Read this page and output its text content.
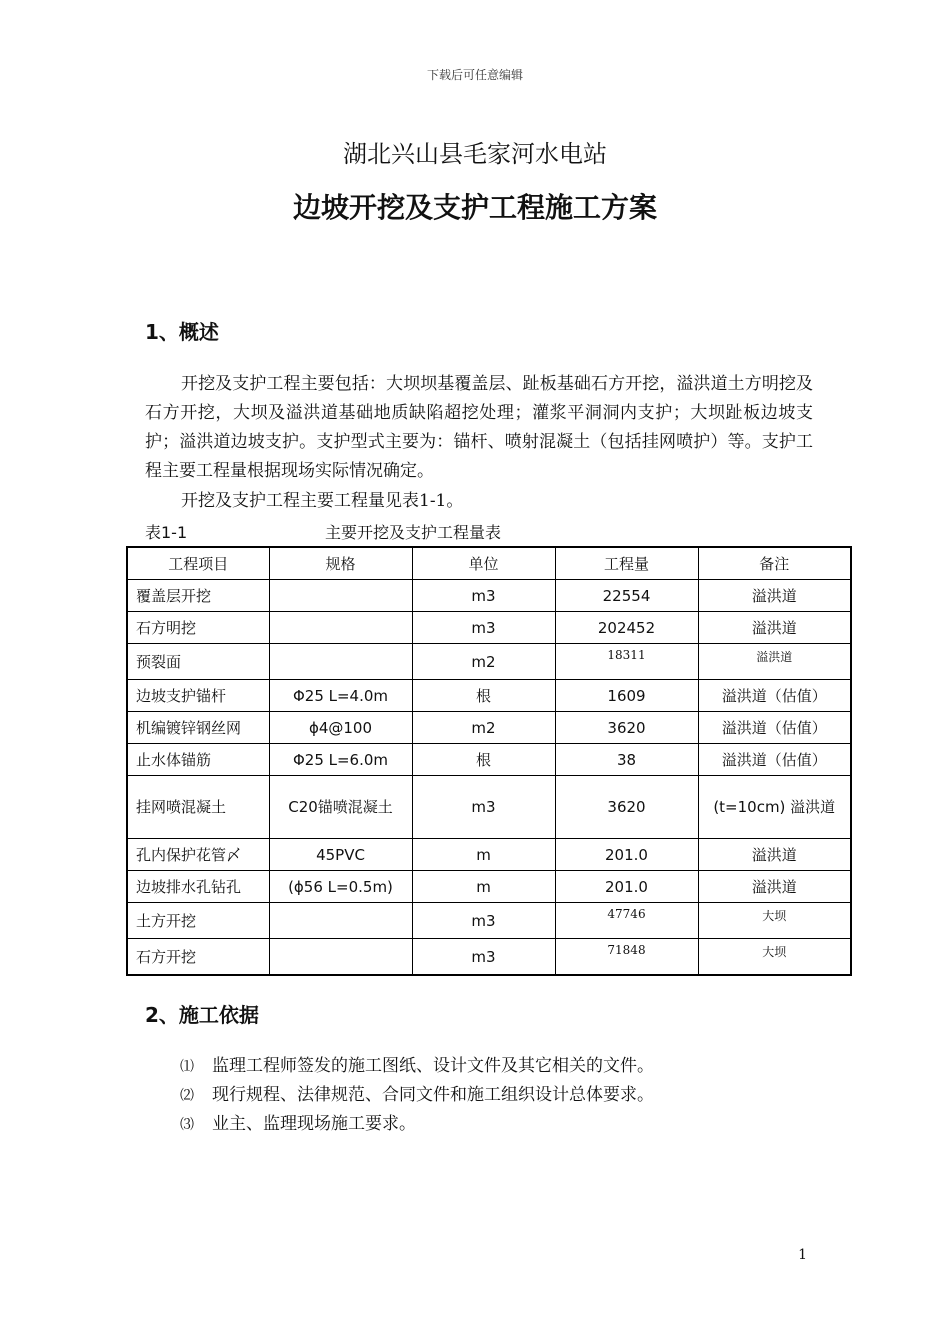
下载后可任意编辑
湖北兴山县毛家河水电站
边坡开挖及支护工程施工方案
1、概述
开挖及支护工程主要包括：大坝坝基覆盖层、趾板基础石方开挖，溢洪道土方明挖及石方开挖，大坝及溢洪道基础地质缺陷超挖处理；灌浆平洞洞内支护；大坝趾板边坡支护；溢洪道边坡支护。支护型式主要为：锚杆、喷射混凝土（包括挂网喷护）等。支护工程主要工程量根据现场实际情况确定。
开挖及支护工程主要工程量见表1-1。
表1-1	主要开挖及支护工程量表
工程项目	规格	单位	工程量	备注
覆盖层开挖		m3	22554	溢洪道
石方明挖		m3	202452	溢洪道
预裂面		m2	18311	溢洪道
边坡支护锚杆	Φ25 L=4.0m	根	1609	溢洪道（估值）
机编镀锌钢丝网	ϕ4@100	m2	3620	溢洪道（估值）
止水体锚筋	Φ25 L=6.0m	根	38	溢洪道（估值）
挂网喷混凝土	C20锚喷混凝土	m3	3620	(t=10cm) 溢洪道
孔内保护花管〆	45PVC	m	201.0	溢洪道
边坡排水孔钻孔	(ϕ56 L=0.5m)	m	201.0	溢洪道
土方开挖		m3	47746	大坝
石方开挖		m3	71848	大坝
2、施工依据
⑴ 监理工程师签发的施工图纸、设计文件及其它相关的文件。
⑵ 现行规程、法律规范、合同文件和施工组织设计总体要求。
⑶ 业主、监理现场施工要求。
1
